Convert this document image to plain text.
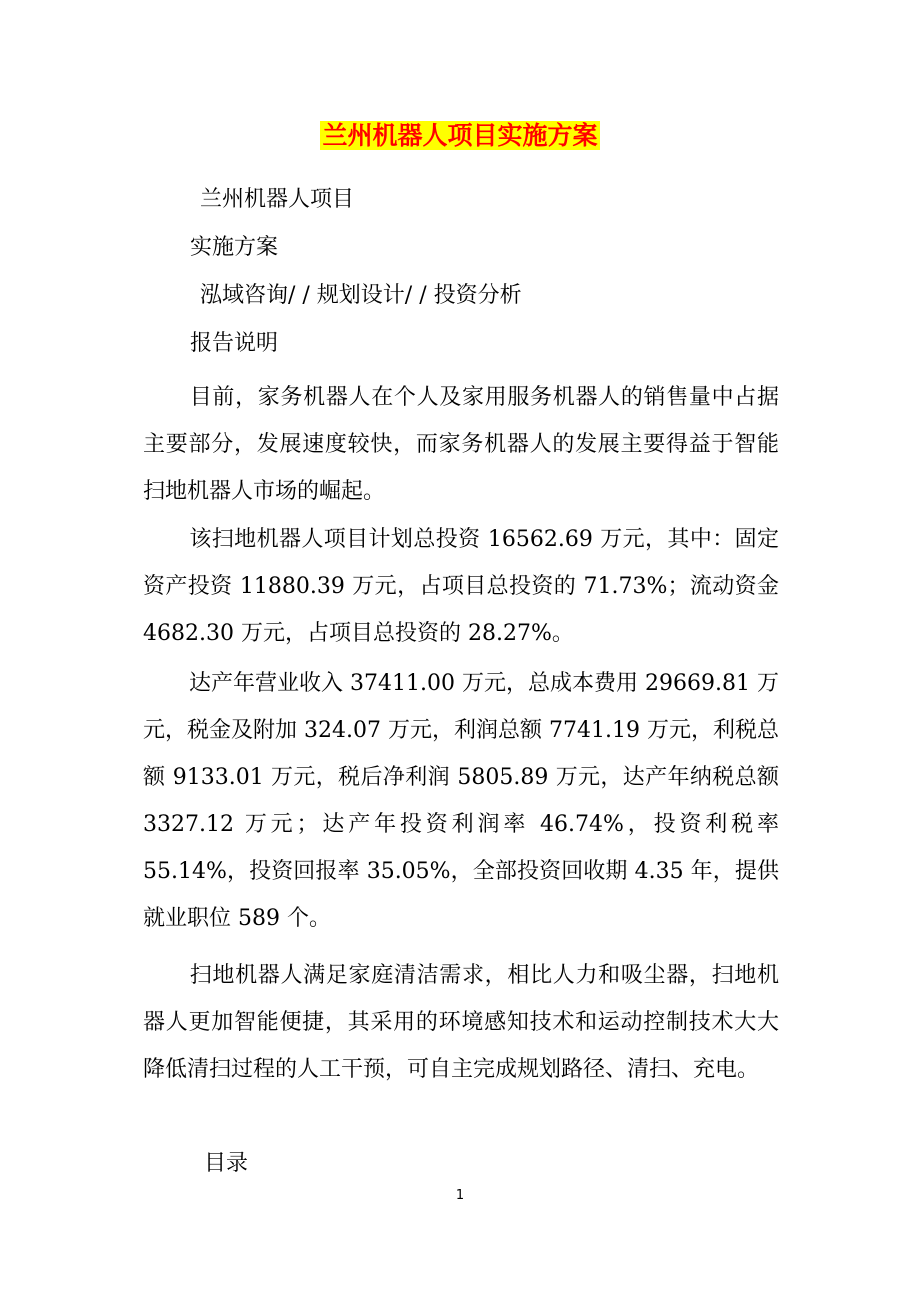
兰州机器人项目实施方案
兰州机器人项目
实施方案
泓域咨询/ / 规划设计/ / 投资分析
报告说明
目前，家务机器人在个人及家用服务机器人的销售量中占据主要部分，发展速度较快，而家务机器人的发展主要得益于智能扫地机器人市场的崛起。
该扫地机器人项目计划总投资 16562.69 万元，其中：固定资产投资 11880.39 万元，占项目总投资的 71.73%；流动资金 4682.30 万元，占项目总投资的 28.27%。
达产年营业收入 37411.00 万元，总成本费用 29669.81 万元，税金及附加 324.07 万元，利润总额 7741.19 万元，利税总额 9133.01 万元，税后净利润 5805.89 万元，达产年纳税总额 3327.12 万元；达产年投资利润率 46.74%，投资利税率 55.14%，投资回报率 35.05%，全部投资回收期 4.35 年，提供就业职位 589 个。
扫地机器人满足家庭清洁需求，相比人力和吸尘器，扫地机器人更加智能便捷，其采用的环境感知技术和运动控制技术大大降低清扫过程的人工干预，可自主完成规划路径、清扫、充电。
目录
1
